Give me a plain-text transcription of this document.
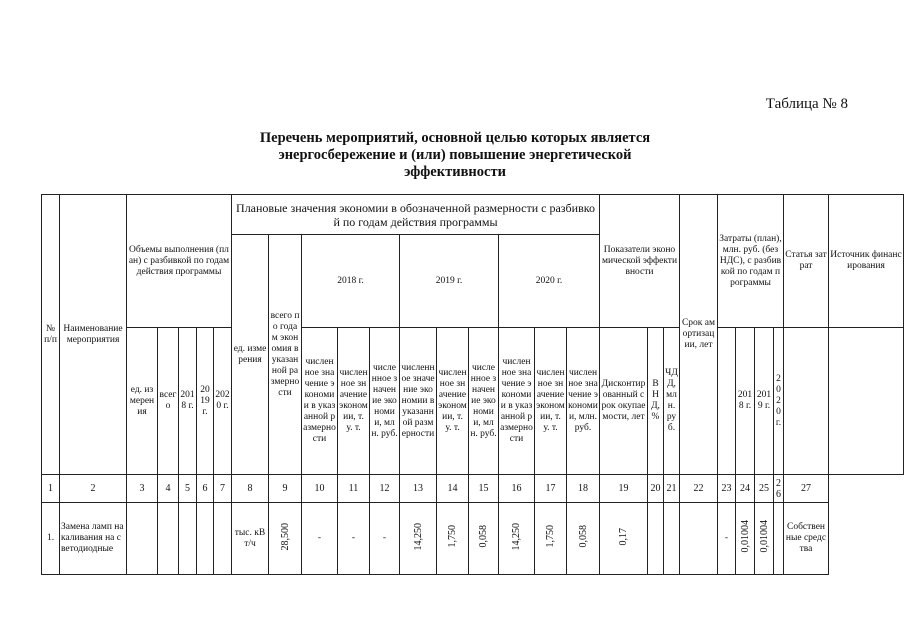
Таблица № 8
Перечень мероприятий, основной целью которых является
энергосбережение и (или) повышение энергетической
эффективности
№ п/п	Наименование мероприятия	Объемы выполнения (план) с разбивкой по годам действия программы					Плановые значения экономии в обозначенной размерности с разбивкой по годам действия программы											Показатели экономической эффективности			Срок амортизации, лет	Затраты (план), млн. руб. (без НДС), с разбивкой по годам программы				Статья затрат	Источник финансирования
							ед. измерения	всего по годам экономия в указанной размерности	2018 г.			2019 г.			2020 г.												
		ед. измерения	всего	2018 г.	2019 г.	2020 г.			численное значение экономии в указанной размерности	численное значение экономии, т. у. т.	численное значение экономии, млн. руб.	численное значение экономии в указанной размерности	численное значение экономии, т. у. т.	численное значение экономии, млн. руб.	численное значение экономии в указанной размерности	численное значение экономии, т. у. т.	численное значение экономии, млн. руб.	Дисконтированный срок окупаемости, лет	ВНД, %	ЧДД, млн. руб.			2018 г.	2019 г.	2020 г.		
1	2	3	4	5	6	7	8	9	10	11	12	13	14	15	16	17	18	19	20	21	22	23	24	25	26	27	
1.	Замена ламп накаливания на светодиодные						тыс. кВт/ч	28,500	-	-	-	14,250	1,750	0,058	14,250	1,750	0,058	0,17				-	0,01004	0,01004		Собственные средства	
